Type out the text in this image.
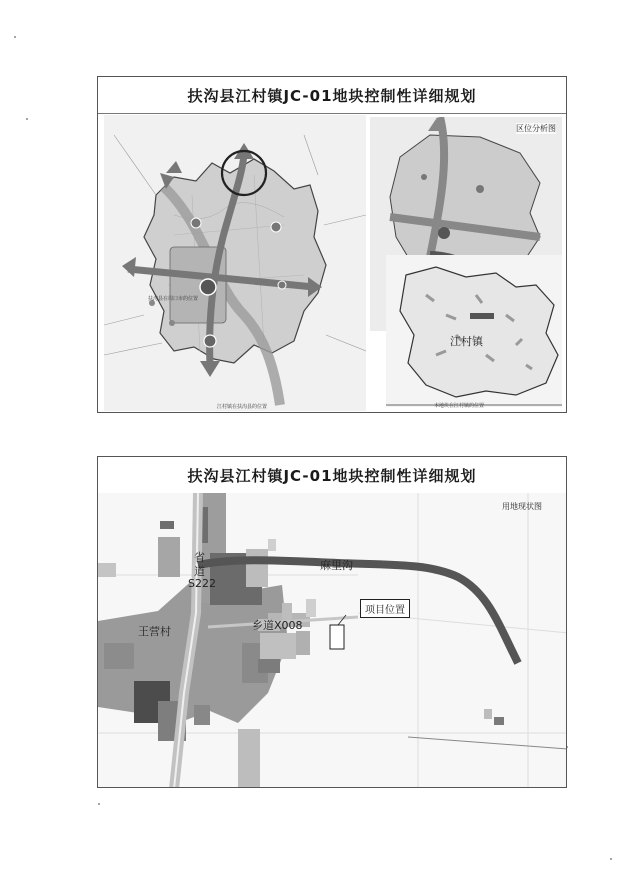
扶沟县江村镇JC-01地块控制性详细规划
江村镇在扶沟县的位置
区位分析图
扶沟县在周口市的位置
江村镇
本地块在江村镇的位置
扶沟县江村镇JC-01地块控制性详细规划
用地现状图
省
道
S222
麻里沟
王营村	乡道X008
项目位置
